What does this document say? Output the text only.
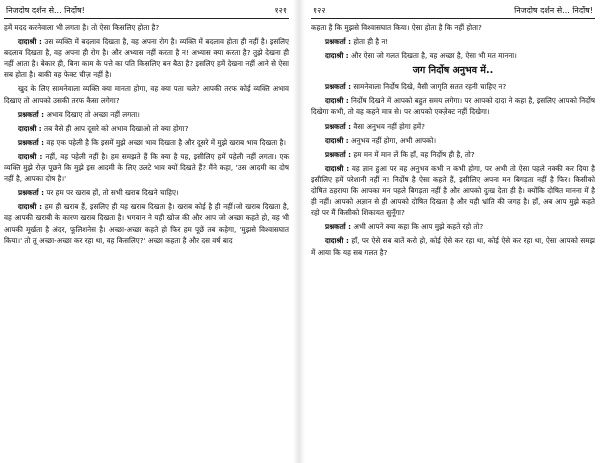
निजदोष दर्शन से... निर्दोष!	१२१

हमें मदद करनेवाला भी लगता है। तो ऐसा किसलिए होता है?

दादाश्री : उस व्यक्ति में बदलाव दिखता है, वह अपना रोग है। व्यक्ति में बदलाव होता ही नहीं है। इसलिए बदलाव दिखता है, वह अपना ही रोग है। और अभ्यास नहीं करता है न! अभ्यास क्या करता है? तुझे देखना ही नहीं आता है। बेकार ही, बिना काम के पत्ते का पति किसलिए बन बैठा है? इसलिए हमें देखना नहीं आने से ऐसा सब होता है। बाकी वह फेक्ट चीज़ नहीं है।

खुद के लिए सामनेवाला व्यक्ति क्या मानता होगा, वह क्या पता चले? आपकी तरफ कोई व्यक्ति अभाव दिखाए तो आपको उसकी तरफ कैसा लगेगा?

प्रश्नकर्ता : अभाव दिखाए तो अच्छा नहीं लगता।

दादाश्री : तब वैसे ही आप दूसरे को अभाव दिखाओ तो क्या होगा?

प्रश्नकर्ता : वह एक पहेली है कि इसमें मुझे अच्छा भाव दिखता है और दूसरे में मुझे खराब भाव दिखता है।

दादाश्री : नहीं, वह पहेली नहीं है। हम समझते हैं कि क्या है यह, इसीलिए हमें पहेली नहीं लगता। एक व्यक्ति मुझे रोज़ पूछने कि मुझे इस आदमी के लिए उलटे भाव क्यों दिखते हैं? मैंने कहा, 'उस आदमी का दोष नहीं है, आपका दोष है।'

प्रश्नकर्ता : पर हम पर खराब हों, तो सभी खराब दिखने चाहिए।

दादाश्री : हम ही खराब हैं, इसलिए ही यह खराब दिखता है। खराब कोई है ही नहीं।जो खराब दिखता है, वह आपकी खराबी के कारण खराब दिखता है। भगवान ने यही खोज की और आप जो अच्छा कहते हो, वह भी आपकी मूर्खता है अंदर, फूलिशनेस है। अच्छा-अच्छा कहते हो फिर हम पूछें तब कहेगा, 'मुझसे विश्वासघात किया।' तो तू अच्छा-अच्छा कर रहा था, वह किसलिए?' अच्छा कहता है और दस वर्ष बाद

१२२	निजदोष दर्शन से... निर्दोष!

कहता है कि मुझसे विश्वासघात किया। ऐसा होता है कि नहीं होता?

प्रश्नकर्ता : होता ही है न!

दादाश्री : और ऐसा जो गलत दिखता है, वह अच्छा है, ऐसा भी मत मानना।

जग निर्दोष अनुभव में..

प्रश्नकर्ता : सामनेवाला निर्दोष दिखे, वैसी जागृति सतत रहनी चाहिए न?

दादाश्री : निर्दोष दिखने में आपको बहुत समय लगेगा। पर आपको दादा ने कहा है, इसलिए आपको निर्दोष दिखेगा कभी, तो वह कहने मात्र से। पर आपको एक्ज़ेक्ट नहीं दिखेगा।

प्रश्नकर्ता : वैसा अनुभव नहीं होगा हमें?

दादाश्री : अनुभव नहीं होगा, अभी आपको।

प्रश्नकर्ता : हम मन में मान लें कि हाँ, वह निर्दोष ही है, तो?

दादाश्री : वह ज्ञान हुआ पर वह अनुभव कभी न कभी होगा, पर अभी तो ऐसा पहले नक्की कर दिया है इसीलिए हमें परेशानी नहीं न! निर्दोष है ऐसा कहते हैं, इसीलिए अपना मन बिगड़ता नहीं है फिर। किसीको दोषित ठहराया कि आपका मन पहले बिगड़ता नहीं है और आपको दुःख देता ही है। क्योंकि दोषित मानना में है ही नहीं। आपको अज्ञान से ही आपको दोषित दिखता है और यही भ्रांति की जगह है। हाँ, अब आप मुझे कहते रहो पर मैं किसीको शिकायत सुनूँगा?

प्रश्नकर्ता : अभी आपने क्या कहा कि आप मुझे कहते रहो तो?

दादाश्री : हाँ, पर ऐसे सब बातें करो हो, कोई ऐसे कर रहा था, कोई ऐसे कर रहा था, ऐसा आपको समझ में आया कि यह सब गलत है?
